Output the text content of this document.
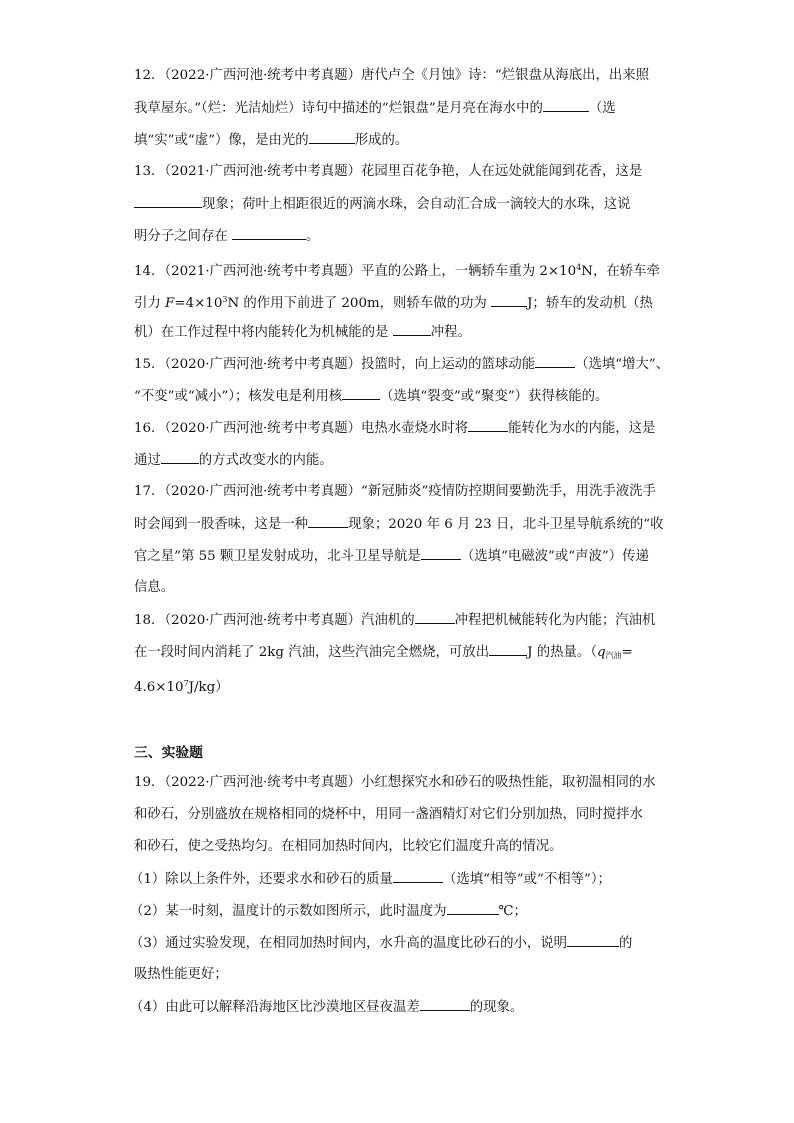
12．（2022·广西河池·统考中考真题）唐代卢仝《月蚀》诗：“烂银盘从海底出，出来照
我草屋东。”（烂：光洁灿烂）诗句中描述的“烂银盘”是月亮在海水中的	（选
填“实”或“虚”）像，是由光的	形成的。
13．（2021·广西河池·统考中考真题）花园里百花争艳，人在远处就能闻到花香，这是
现象；荷叶上相距很近的两滴水珠，会自动汇合成一滴较大的水珠，这说
明分子之间存在	。
14．（2021·广西河池·统考中考真题）平直的公路上，一辆轿车重为 $2\times 10^4N$，在轿车牵
引力 $F=4\times 10^3N$ 的作用下前进了 200m，则轿车做的功为	J；轿车的发动机（热
机）在工作过程中将内能转化为机械能的是	冲程。
15．（2020·广西河池·统考中考真题）投篮时，向上运动的篮球动能	（选填“增大”、
“不变”或“减小”）；核发电是利用核	（选填“裂变”或“聚变”）获得核能的。
16．（2020·广西河池·统考中考真题）电热水壶烧水时将	能转化为水的内能，这是
通过	的方式改变水的内能。
17．（2020·广西河池·统考中考真题）“新冠肺炎”疫情防控期间要勤洗手，用洗手液洗手
时会闻到一股香味，这是一种	现象；2020 年 6 月 23 日，北斗卫星导航系统的“收
官之星”第 55 颗卫星发射成功，北斗卫星导航是	（选填“电磁波”或“声波”）传递
信息。
18．（2020·广西河池·统考中考真题）汽油机的	冲程把机械能转化为内能；汽油机
在一段时间内消耗了 2kg 汽油，这些汽油完全燃烧，可放出	J 的热量。（$q_{汽油}=$
$4.6\times 10^7J/kg$）
三、实验题
19．（2022·广西河池·统考中考真题）小红想探究水和砂石的吸热性能，取初温相同的水
和砂石，分别盛放在规格相同的烧杯中，用同一盏酒精灯对它们分别加热，同时搅拌水
和砂石，使之受热均匀。在相同加热时间内，比较它们温度升高的情况。
（1）除以上条件外，还要求水和砂石的质量	（选填“相等”或“不相等”）；
（2）某一时刻，温度计的示数如图所示，此时温度为	℃；
（3）通过实验发现，在相同加热时间内，水升高的温度比砂石的小，说明	的
吸热性能更好；
（4）由此可以解释沿海地区比沙漠地区昼夜温差	的现象。
